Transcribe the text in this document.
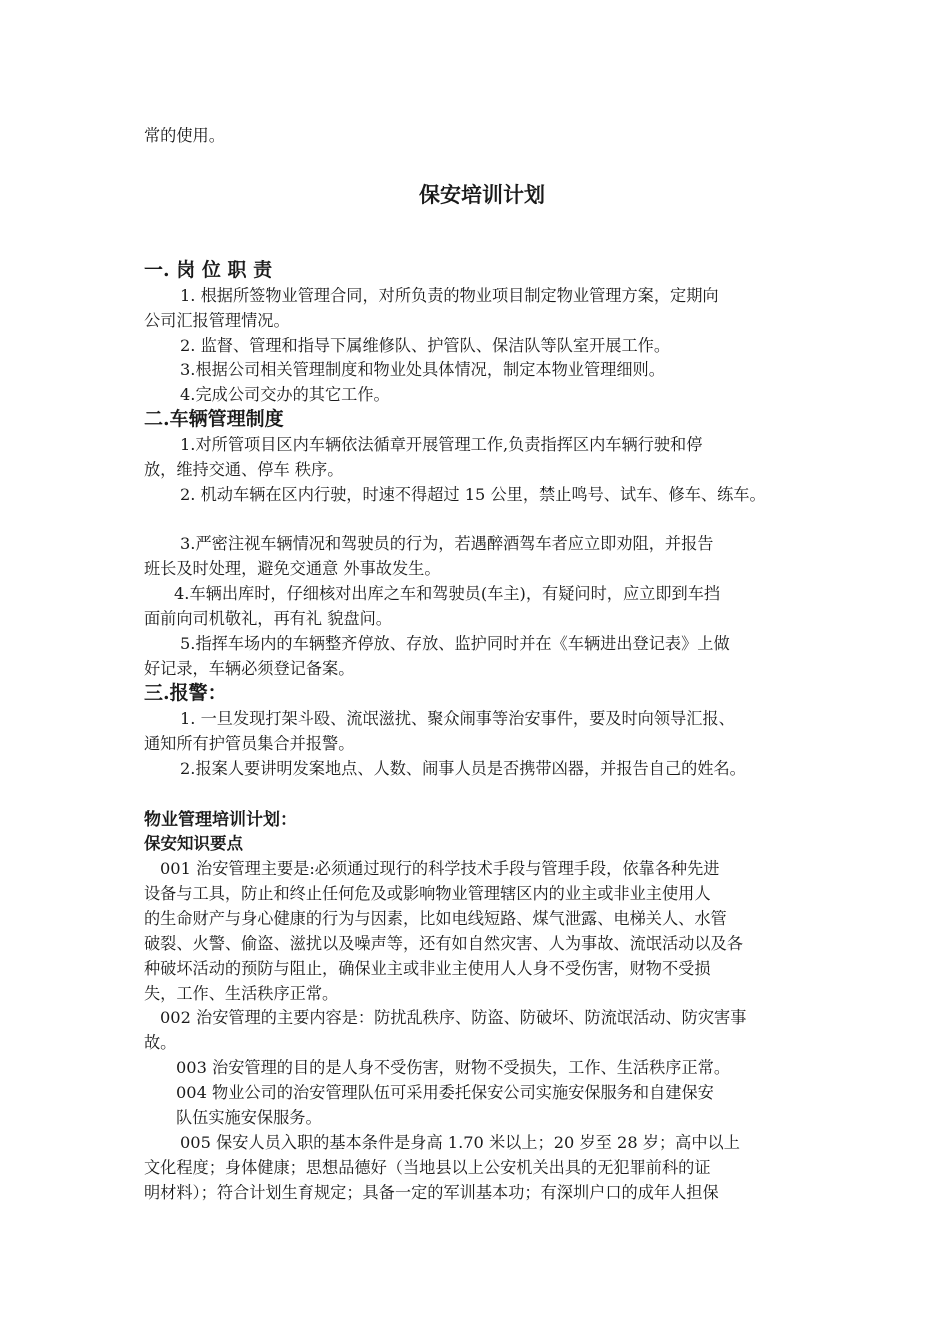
常的使用。
保安培训计划
一. 岗 位 职 责
1. 根据所签物业管理合同，对所负责的物业项目制定物业管理方案，定期向
公司汇报管理情况。
2. 监督、管理和指导下属维修队、护管队、保洁队等队室开展工作。
3.根据公司相关管理制度和物业处具体情况，制定本物业管理细则。
4.完成公司交办的其它工作。
二.车辆管理制度
1.对所管项目区内车辆依法循章开展管理工作,负责指挥区内车辆行驶和停
放，维持交通、停车 秩序。
2. 机动车辆在区内行驶，时速不得超过 15 公里，禁止鸣号、试车、修车、练车。
3.严密注视车辆情况和驾驶员的行为，若遇醉酒驾车者应立即劝阻，并报告
班长及时处理，避免交通意 外事故发生。
4.车辆出库时，仔细核对出库之车和驾驶员(车主)，有疑问时，应立即到车挡
面前向司机敬礼，再有礼 貌盘问。
5.指挥车场内的车辆整齐停放、存放、监护同时并在《车辆进出登记表》上做
好记录，车辆必须登记备案。
三.报警：
1. 一旦发现打架斗殴、流氓滋扰、聚众闹事等治安事件，要及时向领导汇报、
通知所有护管员集合并报警。
2.报案人要讲明发案地点、人数、闹事人员是否携带凶器，并报告自己的姓名。
物业管理培训计划：
保安知识要点
001 治安管理主要是:必须通过现行的科学技术手段与管理手段，依靠各种先进
设备与工具，防止和终止任何危及或影响物业管理辖区内的业主或非业主使用人
的生命财产与身心健康的行为与因素，比如电线短路、煤气泄露、电梯关人、水管
破裂、火警、偷盗、滋扰以及噪声等，还有如自然灾害、人为事故、流氓活动以及各
种破坏活动的预防与阻止，确保业主或非业主使用人人身不受伤害，财物不受损
失，工作、生活秩序正常。
002 治安管理的主要内容是：防扰乱秩序、防盗、防破坏、防流氓活动、防灾害事
故。
003 治安管理的目的是人身不受伤害，财物不受损失，工作、生活秩序正常。
004 物业公司的治安管理队伍可采用委托保安公司实施安保服务和自建保安
队伍实施安保服务。
005 保安人员入职的基本条件是身高 1.70 米以上；20 岁至 28 岁；高中以上
文化程度；身体健康；思想品德好（当地县以上公安机关出具的无犯罪前科的证
明材料）；符合计划生育规定；具备一定的军训基本功；有深圳户口的成年人担保
